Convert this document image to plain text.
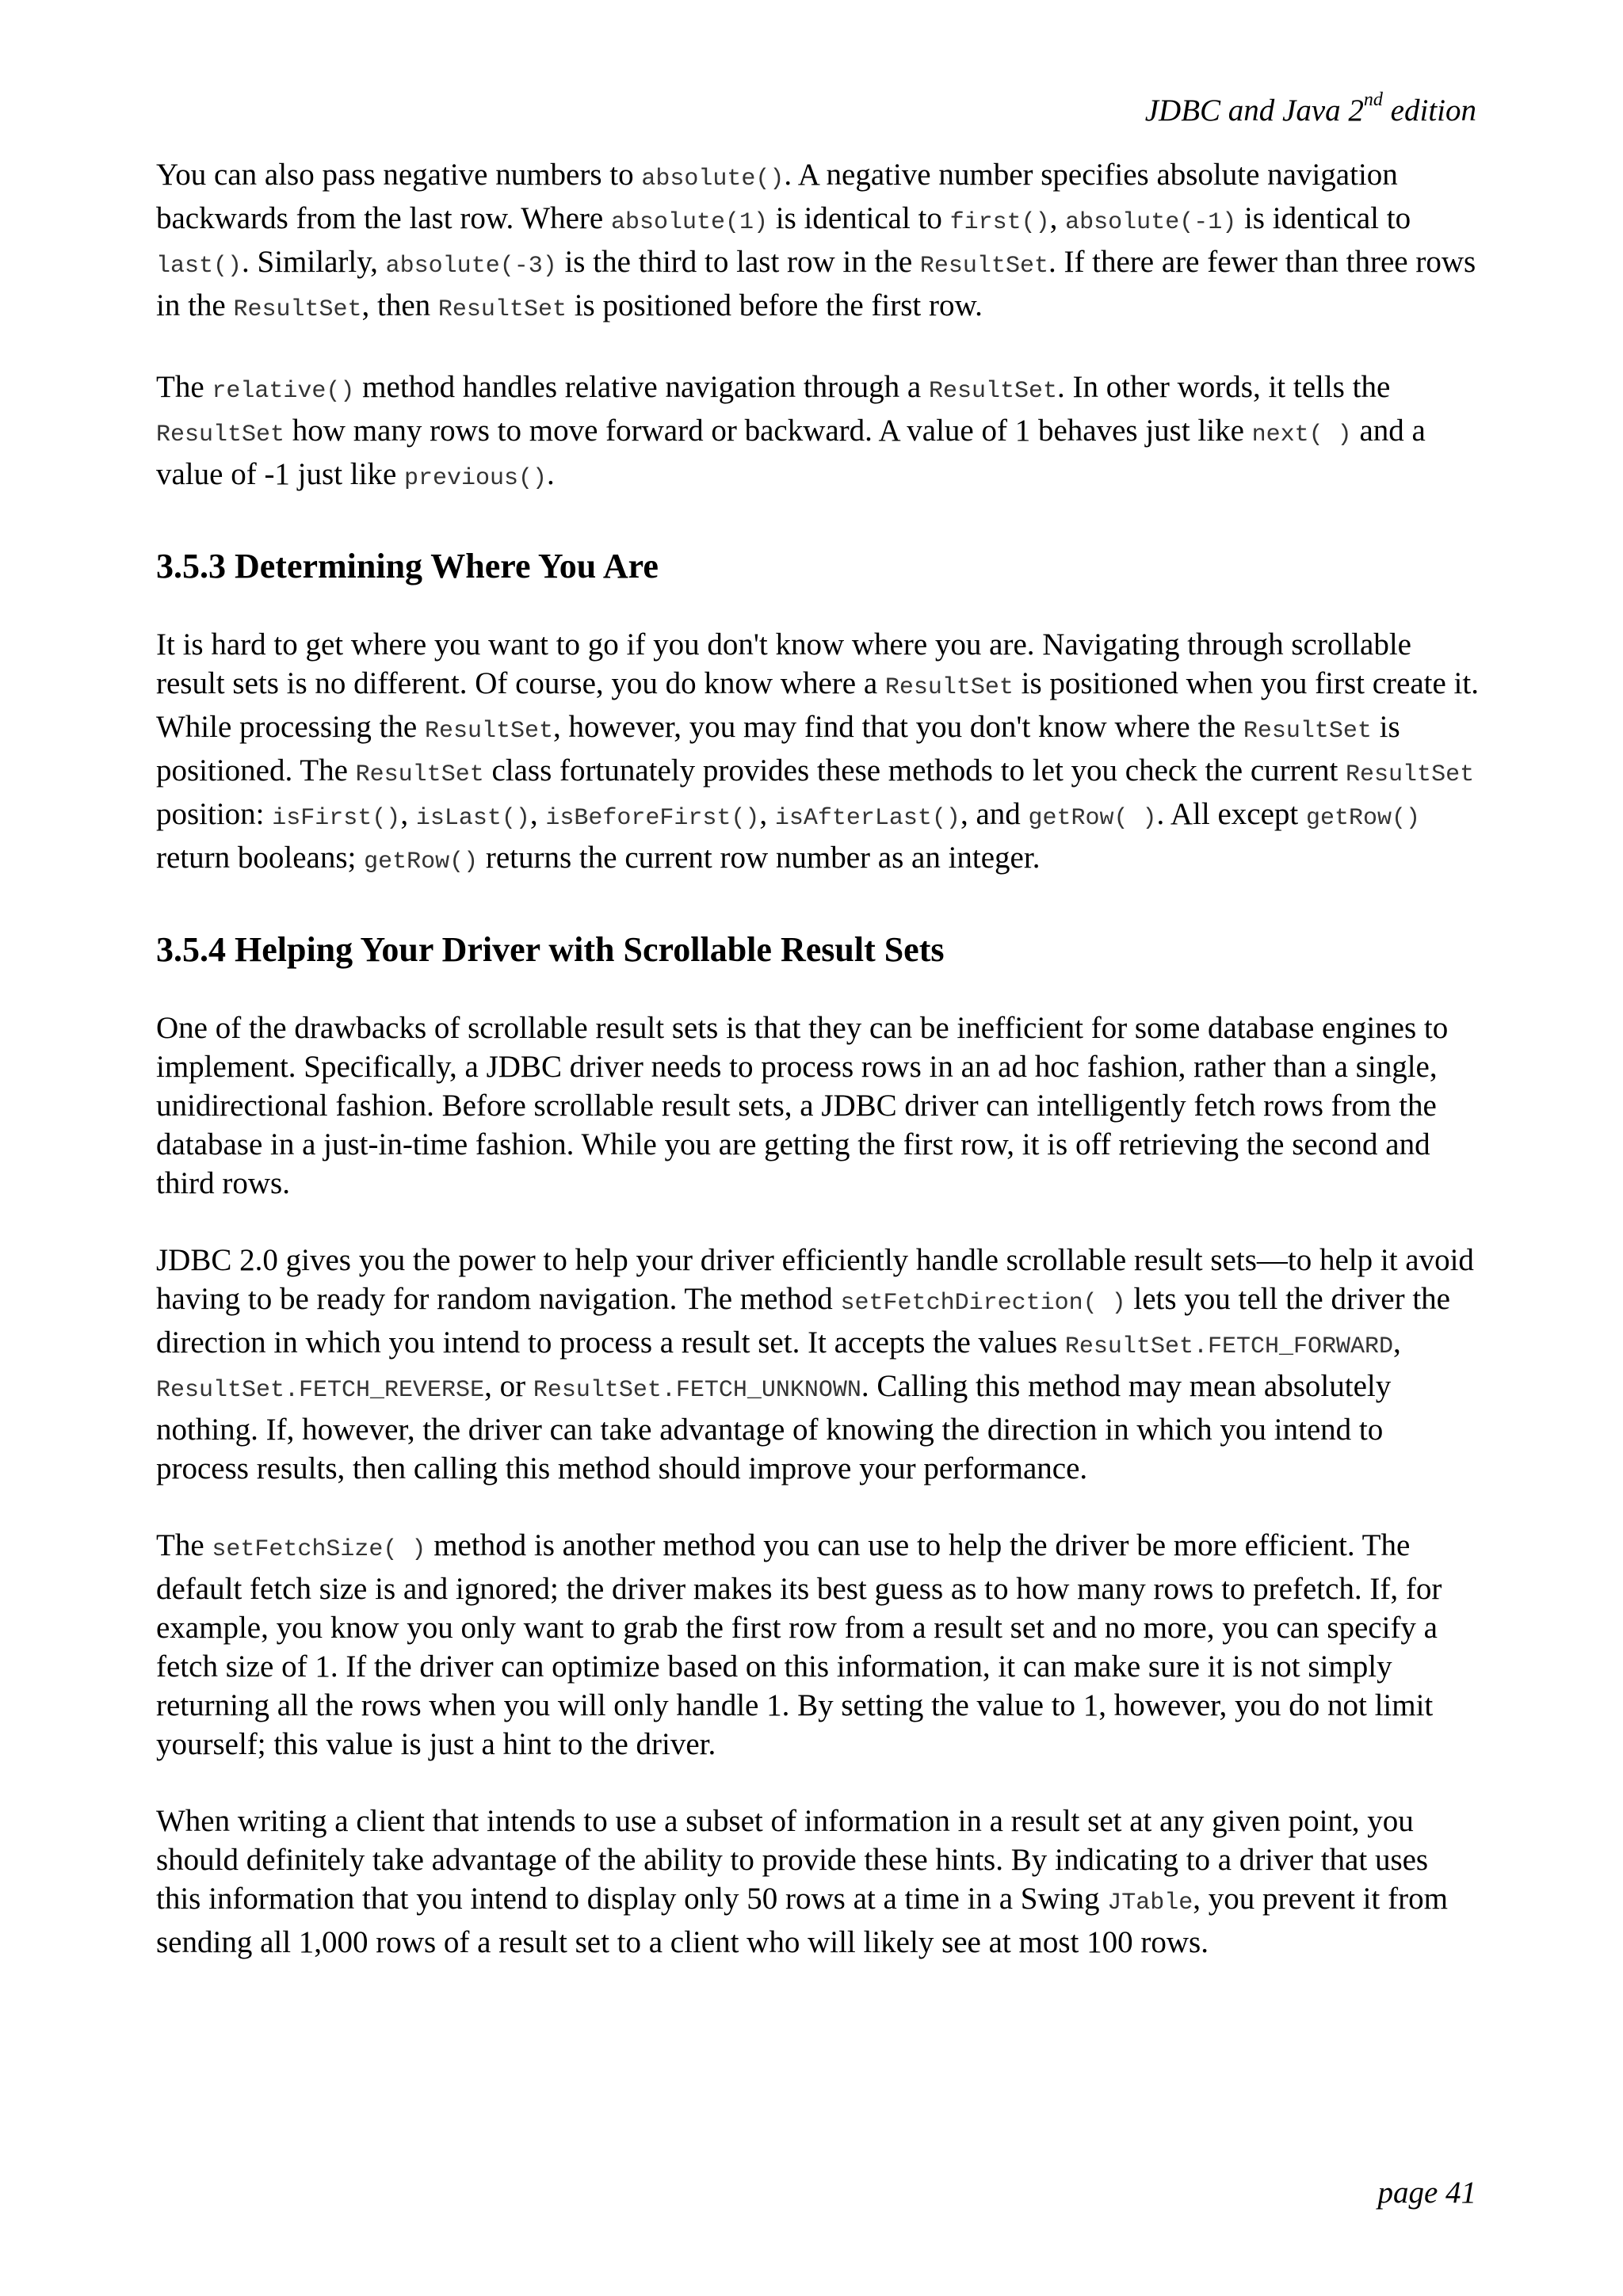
JDBC and Java 2nd edition

You can also pass negative numbers to absolute(). A negative number specifies absolute navigation backwards from the last row. Where absolute(1) is identical to first(), absolute(-1) is identical to last(). Similarly, absolute(-3) is the third to last row in the ResultSet. If there are fewer than three rows in the ResultSet, then ResultSet is positioned before the first row.

The relative() method handles relative navigation through a ResultSet. In other words, it tells the ResultSet how many rows to move forward or backward. A value of 1 behaves just like next( ) and a value of -1 just like previous().

3.5.3 Determining Where You Are

It is hard to get where you want to go if you don't know where you are. Navigating through scrollable result sets is no different. Of course, you do know where a ResultSet is positioned when you first create it. While processing the ResultSet, however, you may find that you don't know where the ResultSet is positioned. The ResultSet class fortunately provides these methods to let you check the current ResultSet position: isFirst(), isLast(), isBeforeFirst(), isAfterLast(), and getRow( ). All except getRow() return booleans; getRow() returns the current row number as an integer.

3.5.4 Helping Your Driver with Scrollable Result Sets

One of the drawbacks of scrollable result sets is that they can be inefficient for some database engines to implement. Specifically, a JDBC driver needs to process rows in an ad hoc fashion, rather than a single, unidirectional fashion. Before scrollable result sets, a JDBC driver can intelligently fetch rows from the database in a just-in-time fashion. While you are getting the first row, it is off retrieving the second and third rows.

JDBC 2.0 gives you the power to help your driver efficiently handle scrollable result sets—to help it avoid having to be ready for random navigation. The method setFetchDirection( ) lets you tell the driver the direction in which you intend to process a result set. It accepts the values ResultSet.FETCH_FORWARD, ResultSet.FETCH_REVERSE, or ResultSet.FETCH_UNKNOWN. Calling this method may mean absolutely nothing. If, however, the driver can take advantage of knowing the direction in which you intend to process results, then calling this method should improve your performance.

The setFetchSize( ) method is another method you can use to help the driver be more efficient. The default fetch size is and ignored; the driver makes its best guess as to how many rows to prefetch. If, for example, you know you only want to grab the first row from a result set and no more, you can specify a fetch size of 1. If the driver can optimize based on this information, it can make sure it is not simply returning all the rows when you will only handle 1. By setting the value to 1, however, you do not limit yourself; this value is just a hint to the driver.

When writing a client that intends to use a subset of information in a result set at any given point, you should definitely take advantage of the ability to provide these hints. By indicating to a driver that uses this information that you intend to display only 50 rows at a time in a Swing JTable, you prevent it from sending all 1,000 rows of a result set to a client who will likely see at most 100 rows.

page 41
